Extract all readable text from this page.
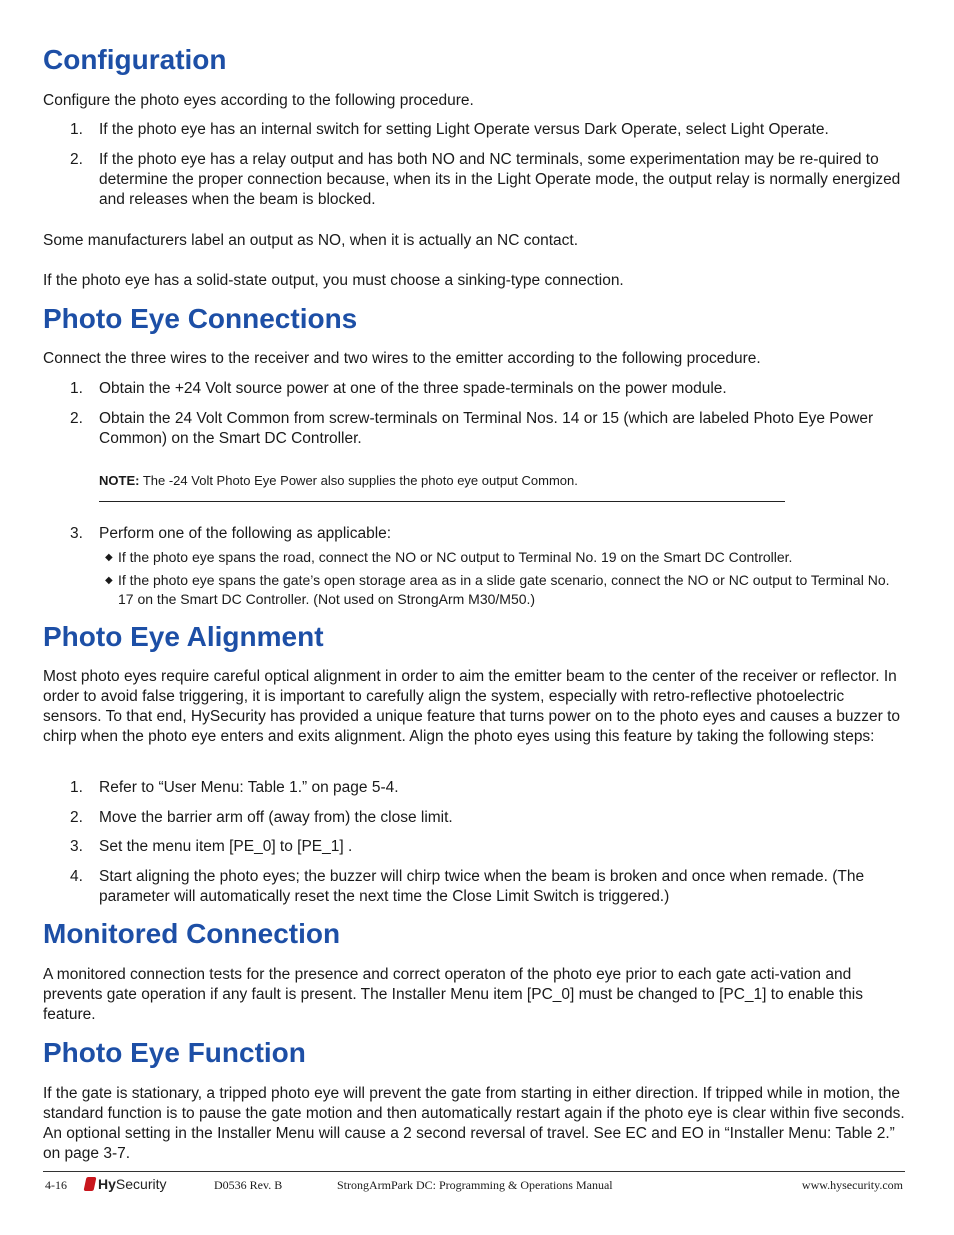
Configuration

Configure the photo eyes according to the following procedure.

1.	If the photo eye has an internal switch for setting Light Operate versus Dark Operate, select Light Operate.
2.	If the photo eye has a relay output and has both NO and NC terminals, some experimentation may be re-quired to determine the proper connection because, when its in the Light Operate mode, the output relay is normally energized and releases when the beam is blocked.

Some manufacturers label an output as NO, when it is actually an NC contact.

If the photo eye has a solid-state output, you must choose a sinking-type connection.

Photo Eye Connections

Connect the three wires to the receiver and two wires to the emitter according to the following procedure.

1.	Obtain the +24 Volt source power at one of the three spade-terminals on the power module.
2.	Obtain the 24 Volt Common from screw-terminals on Terminal Nos. 14 or 15 (which are labeled Photo Eye Power Common) on the Smart DC Controller.
NOTE: The -24 Volt Photo Eye Power also supplies the photo eye output Common.
3.	Perform one of the following as applicable:
◆ If the photo eye spans the road, connect the NO or NC output to Terminal No. 19 on the Smart DC Controller.
◆ If the photo eye spans the gate’s open storage area as in a slide gate scenario, connect the NO or NC output to Terminal No. 17 on the Smart DC Controller. (Not used on StrongArm M30/M50.)
Photo Eye Alignment

Most photo eyes require careful optical alignment in order to aim the emitter beam to the center of the receiver or reflector. In order to avoid false triggering, it is important to carefully align the system, especially with retro-reflective photoelectric sensors. To that end, HySecurity has provided a unique feature that turns power on to the photo eyes and causes a buzzer to chirp when the photo eye enters and exits alignment. Align the photo eyes using this feature by taking the following steps:

1.	Refer to “User Menu: Table 1.” on page 5-4.
2.	Move the barrier arm off (away from) the close limit.
3.	Set the menu item [PE_0] to [PE_1] .
4.	Start aligning the photo eyes; the buzzer will chirp twice when the beam is broken and once when remade. (The parameter will automatically reset the next time the Close Limit Switch is triggered.)
Monitored Connection

A monitored connection tests for the presence and correct operaton of the photo eye prior to each gate acti-vation and prevents gate operation if any fault is present. The Installer Menu item [PC_0] must be changed to [PC_1] to enable this feature.

Photo Eye Function

If the gate is stationary, a tripped photo eye will prevent the gate from starting in either direction. If tripped while in motion, the standard function is to pause the gate motion and then automatically restart again if the photo eye is clear within five seconds. An optional setting in the Installer Menu will cause a 2 second reversal of travel. See EC and EO in “Installer Menu: Table 2.” on page 3-7.

4-16 HySecurity	D0536 Rev. B	StrongArmPark DC: Programming & Operations Manual	www.hysecurity.com
